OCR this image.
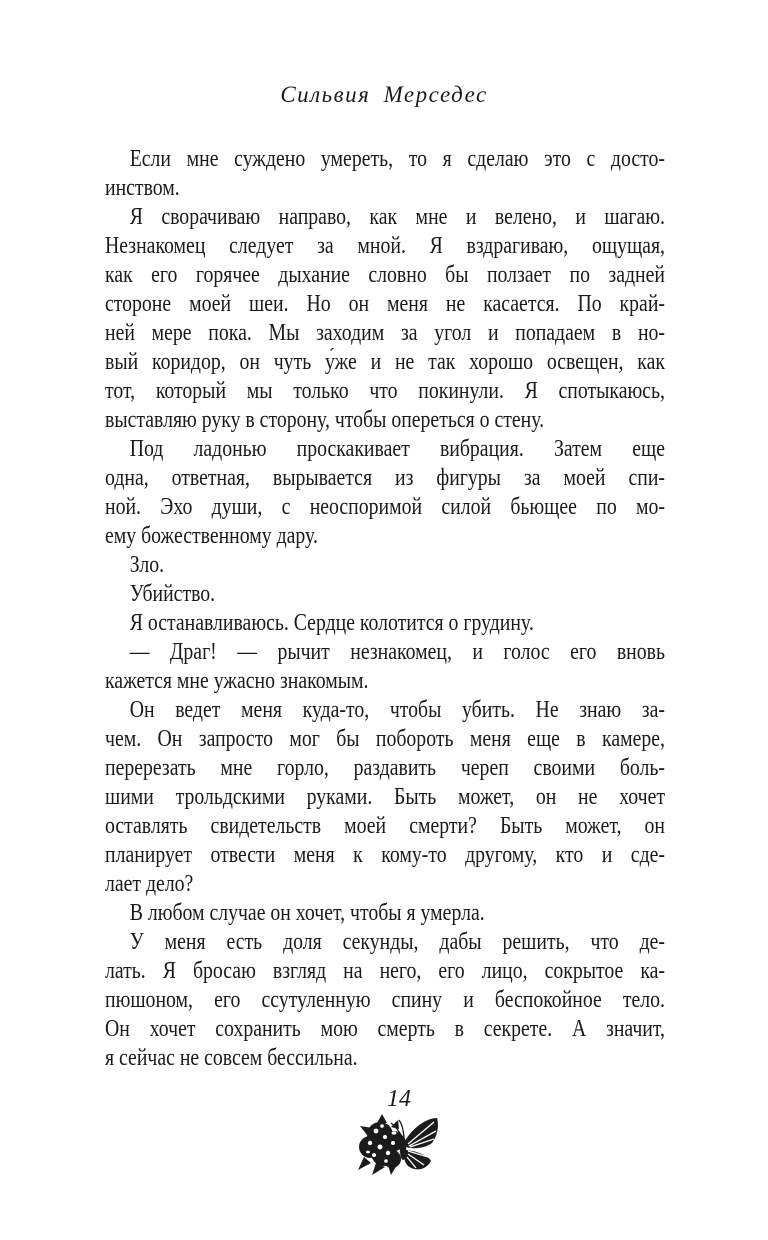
Сильвия Мерседес
Если мне суждено умереть, то я сделаю это с досто-
инством.
Я сворачиваю направо, как мне и велено, и шагаю.
Незнакомец следует за мной. Я вздрагиваю, ощущая,
как его горячее дыхание словно бы ползает по задней
стороне моей шеи. Но он меня не касается. По край-
ней мере пока. Мы заходим за угол и попадаем в но-
вый коридор, он чуть у́же и не так хорошо освещен, как
тот, который мы только что покинули. Я спотыкаюсь,
выставляю руку в сторону, чтобы опереться о стену.
Под ладонью проскакивает вибрация. Затем еще
одна, ответная, вырывается из фигуры за моей спи-
ной. Эхо души, с неоспоримой силой бьющее по мо-
ему божественному дару.
Зло.
Убийство.
Я останавливаюсь. Сердце колотится о грудину.
— Драг! — рычит незнакомец, и голос его вновь
кажется мне ужасно знакомым.
Он ведет меня куда-то, чтобы убить. Не знаю за-
чем. Он запросто мог бы побороть меня еще в камере,
перерезать мне горло, раздавить череп своими боль-
шими трольдскими руками. Быть может, он не хочет
оставлять свидетельств моей смерти? Быть может, он
планирует отвести меня к кому-то другому, кто и сде-
лает дело?
В любом случае он хочет, чтобы я умерла.
У меня есть доля секунды, дабы решить, что де-
лать. Я бросаю взгляд на него, его лицо, сокрытое ка-
пюшоном, его ссутуленную спину и беспокойное тело.
Он хочет сохранить мою смерть в секрете. А значит,
я сейчас не совсем бессильна.
14
